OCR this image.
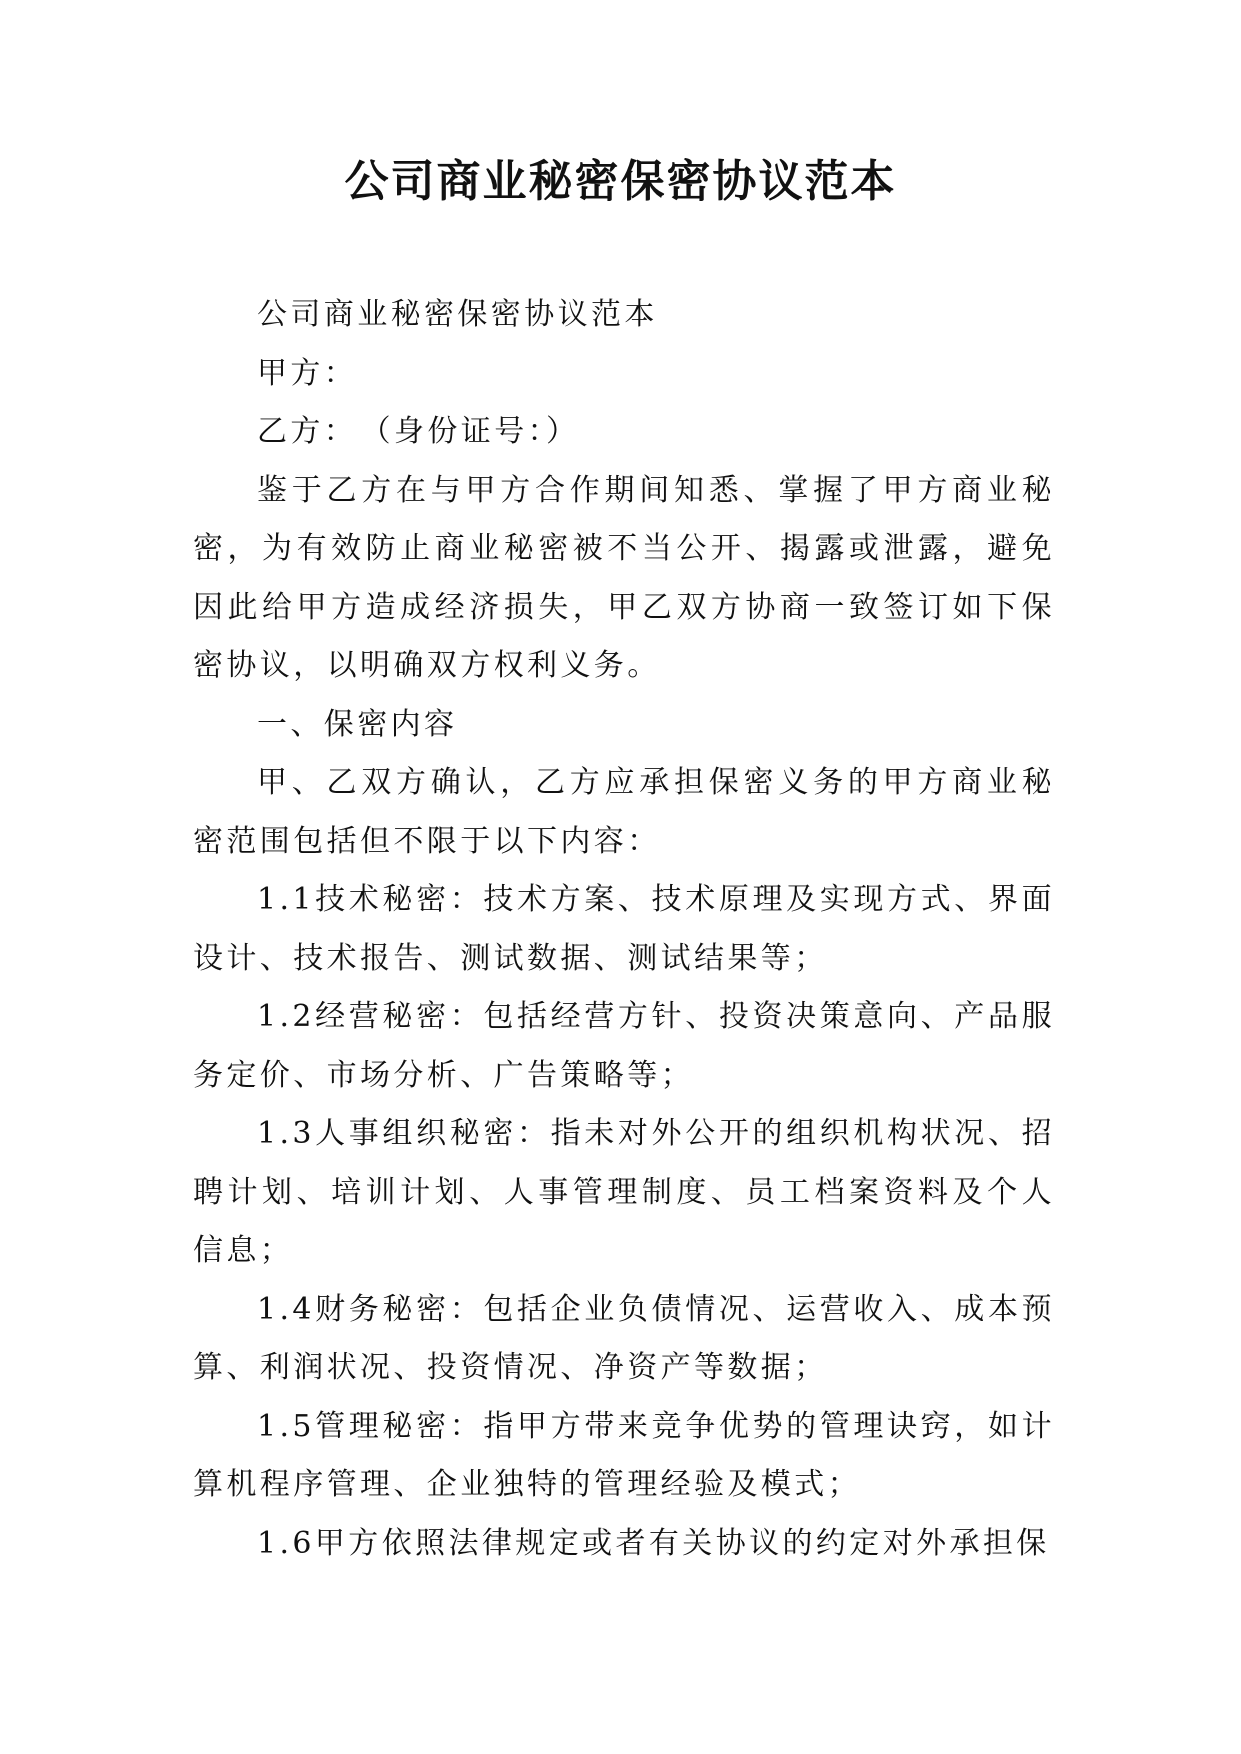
公司商业秘密保密协议范本

公司商业秘密保密协议范本

甲方：

乙方：　（身份证号：）

鉴于乙方在与甲方合作期间知悉、掌握了甲方商业秘密，为有效防止商业秘密被不当公开、揭露或泄露，避免因此给甲方造成经济损失，甲乙双方协商一致签订如下保密协议，以明确双方权利义务。

一、保密内容

甲、乙双方确认，乙方应承担保密义务的甲方商业秘密范围包括但不限于以下内容：

1.1技术秘密：技术方案、技术原理及实现方式、界面设计、技术报告、测试数据、测试结果等；

1.2经营秘密：包括经营方针、投资决策意向、产品服务定价、市场分析、广告策略等；

1.3人事组织秘密：指未对外公开的组织机构状况、招聘计划、培训计划、人事管理制度、员工档案资料及个人信息；

1.4财务秘密：包括企业负债情况、运营收入、成本预算、利润状况、投资情况、净资产等数据；

1.5管理秘密：指甲方带来竞争优势的管理诀窍，如计算机程序管理、企业独特的管理经验及模式；

1.6甲方依照法律规定或者有关协议的约定对外承担保
